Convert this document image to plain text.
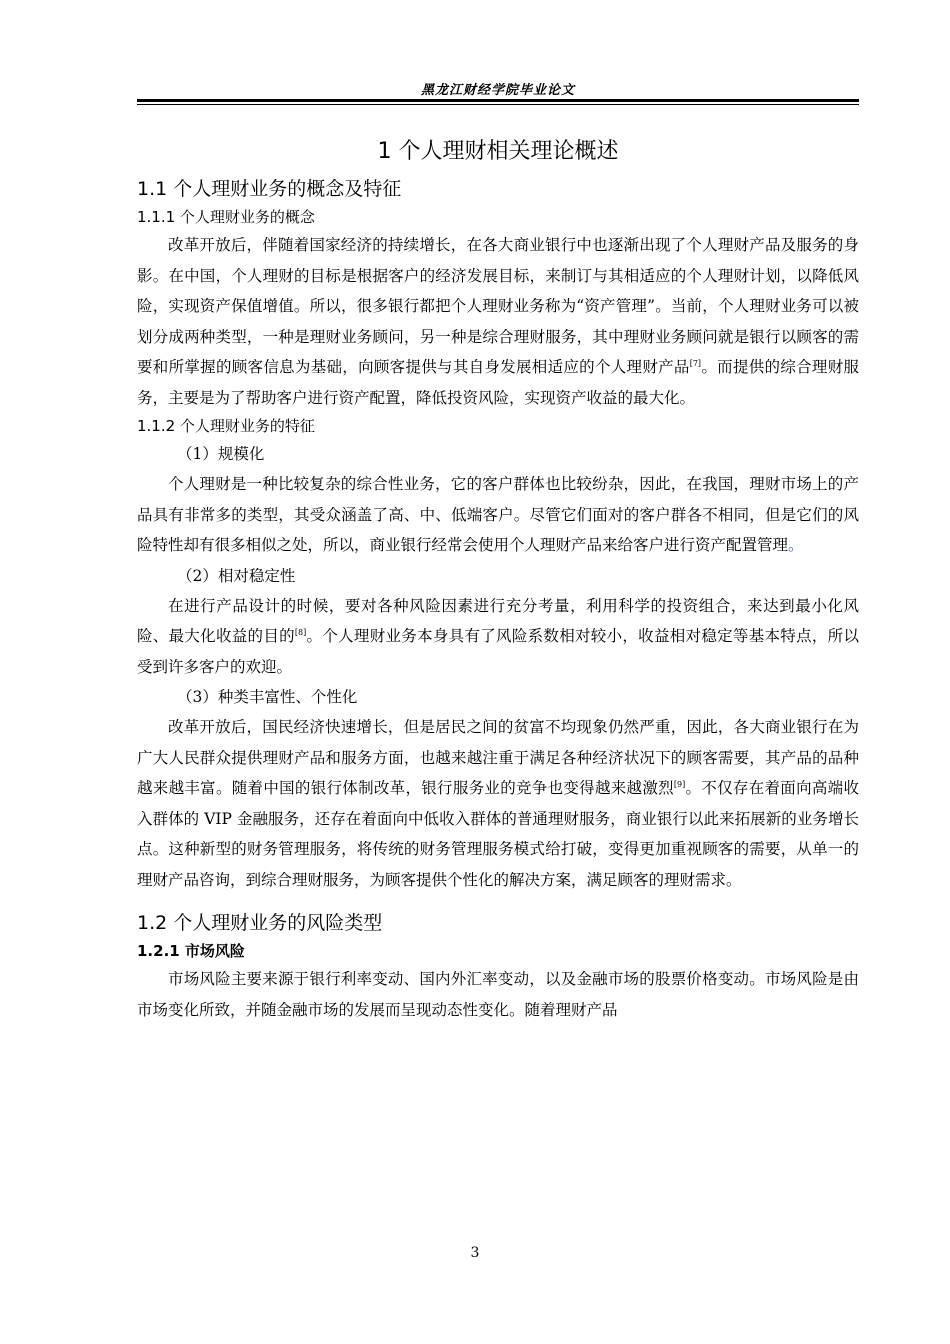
黑龙江财经学院毕业论文
1 个人理财相关理论概述
1.1 个人理财业务的概念及特征
1.1.1 个人理财业务的概念

改革开放后，伴随着国家经济的持续增长，在各大商业银行中也逐渐出现了个人理财产品及服务的身影。在中国，个人理财的目标是根据客户的经济发展目标，来制订与其相适应的个人理财计划，以降低风险，实现资产保值增值。所以，很多银行都把个人理财业务称为“资产管理”。当前，个人理财业务可以被划分成两种类型，一种是理财业务顾问，另一种是综合理财服务，其中理财业务顾问就是银行以顾客的需要和所掌握的顾客信息为基础，向顾客提供与其自身发展相适应的个人理财产品[7]。而提供的综合理财服务，主要是为了帮助客户进行资产配置，降低投资风险，实现资产收益的最大化。

1.1.2 个人理财业务的特征
（1）规模化

个人理财是一种比较复杂的综合性业务，它的客户群体也比较纷杂，因此，在我国，理财市场上的产品具有非常多的类型，其受众涵盖了高、中、低端客户。尽管它们面对的客户群各不相同，但是它们的风险特性却有很多相似之处，所以，商业银行经常会使用个人理财产品来给客户进行资产配置管理。

（2）相对稳定性

在进行产品设计的时候，要对各种风险因素进行充分考量，利用科学的投资组合，来达到最小化风险、最大化收益的目的[8]。个人理财业务本身具有了风险系数相对较小，收益相对稳定等基本特点，所以受到许多客户的欢迎。

（3）种类丰富性、个性化

改革开放后，国民经济快速增长，但是居民之间的贫富不均现象仍然严重，因此，各大商业银行在为广大人民群众提供理财产品和服务方面，也越来越注重于满足各种经济状况下的顾客需要，其产品的品种越来越丰富。随着中国的银行体制改革，银行服务业的竞争也变得越来越激烈[9]。不仅存在着面向高端收入群体的 VIP 金融服务，还存在着面向中低收入群体的普通理财服务，商业银行以此来拓展新的业务增长点。这种新型的财务管理服务，将传统的财务管理服务模式给打破，变得更加重视顾客的需要，从单一的理财产品咨询，到综合理财服务，为顾客提供个性化的解决方案，满足顾客的理财需求。

1.2 个人理财业务的风险类型
1.2.1 市场风险

市场风险主要来源于银行利率变动、国内外汇率变动，以及金融市场的股票价格变动。市场风险是由市场变化所致，并随金融市场的发展而呈现动态性变化。随着理财产品

3
